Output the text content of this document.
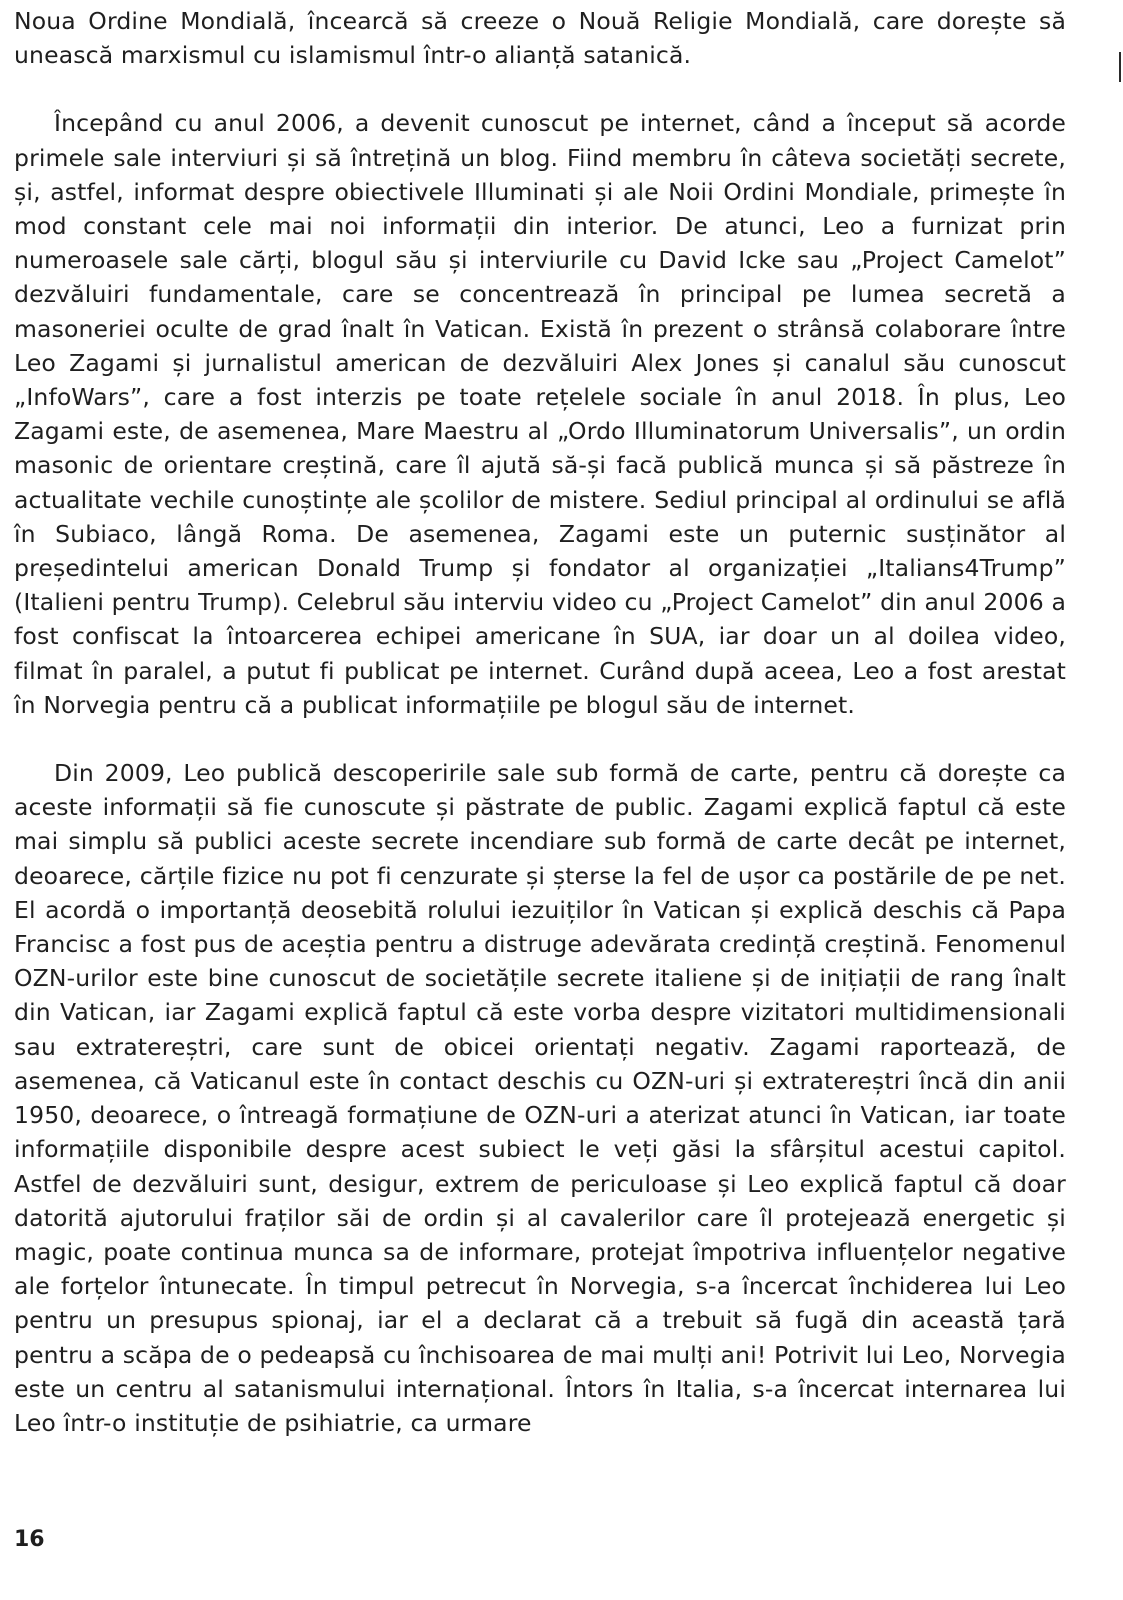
Noua Ordine Mondială, încearcă să creeze o Nouă Religie Mondială, care dorește să unească marxismul cu islamismul într-o alianță satanică.

Începând cu anul 2006, a devenit cunoscut pe internet, când a început să acorde primele sale interviuri și să întrețină un blog. Fiind membru în câteva societăți secrete, și, astfel, informat despre obiectivele Illuminati și ale Noii Ordini Mondiale, primește în mod constant cele mai noi informații din interior. De atunci, Leo a furnizat prin numeroasele sale cărți, blogul său și interviurile cu David Icke sau „Project Camelot” dezvăluiri fundamentale, care se concentrează în principal pe lumea secretă a masoneriei oculte de grad înalt în Vatican. Există în prezent o strânsă colaborare între Leo Zagami și jurnalistul american de dezvăluiri Alex Jones și canalul său cunoscut „InfoWars”, care a fost interzis pe toate rețelele sociale în anul 2018. În plus, Leo Zagami este, de asemenea, Mare Maestru al „Ordo Illuminatorum Universalis”, un ordin masonic de orientare creștină, care îl ajută să-și facă publică munca și să păstreze în actualitate vechile cunoștințe ale școlilor de mistere. Sediul principal al ordinului se află în Subiaco, lângă Roma. De asemenea, Zagami este un puternic susținător al președintelui american Donald Trump și fondator al organizației „Italians4Trump” (Italieni pentru Trump). Celebrul său interviu video cu „Project Camelot” din anul 2006 a fost confiscat la întoarcerea echipei americane în SUA, iar doar un al doilea video, filmat în paralel, a putut fi publicat pe internet. Curând după aceea, Leo a fost arestat în Norvegia pentru că a publicat informațiile pe blogul său de internet.

Din 2009, Leo publică descoperirile sale sub formă de carte, pentru că dorește ca aceste informații să fie cunoscute și păstrate de public. Zagami explică faptul că este mai simplu să publici aceste secrete incendiare sub formă de carte decât pe internet, deoarece, cărțile fizice nu pot fi cenzurate și șterse la fel de ușor ca postările de pe net. El acordă o importanță deosebită rolului iezuiților în Vatican și explică deschis că Papa Francisc a fost pus de aceștia pentru a distruge adevărata credință creștină. Fenomenul OZN-urilor este bine cunoscut de societățile secrete italiene și de inițiații de rang înalt din Vatican, iar Zagami explică faptul că este vorba despre vizitatori multidimensionali sau extratereștri, care sunt de obicei orientați negativ. Zagami raportează, de asemenea, că Vaticanul este în contact deschis cu OZN-uri și extratereștri încă din anii 1950, deoarece, o întreagă formațiune de OZN-uri a aterizat atunci în Vatican, iar toate informațiile disponibile despre acest subiect le veți găsi la sfârșitul acestui capitol. Astfel de dezvăluiri sunt, desigur, extrem de periculoase și Leo explică faptul că doar datorită ajutorului fraților săi de ordin și al cavalerilor care îl protejează energetic și magic, poate continua munca sa de informare, protejat împotriva influențelor negative ale forțelor întunecate. În timpul petrecut în Norvegia, s-a încercat închiderea lui Leo pentru un presupus spionaj, iar el a declarat că a trebuit să fugă din această țară pentru a scăpa de o pedeapsă cu închisoarea de mai mulți ani! Potrivit lui Leo, Norvegia este un centru al satanismului internațional. Întors în Italia, s-a încercat internarea lui Leo într-o instituție de psihiatrie, ca urmare

16
